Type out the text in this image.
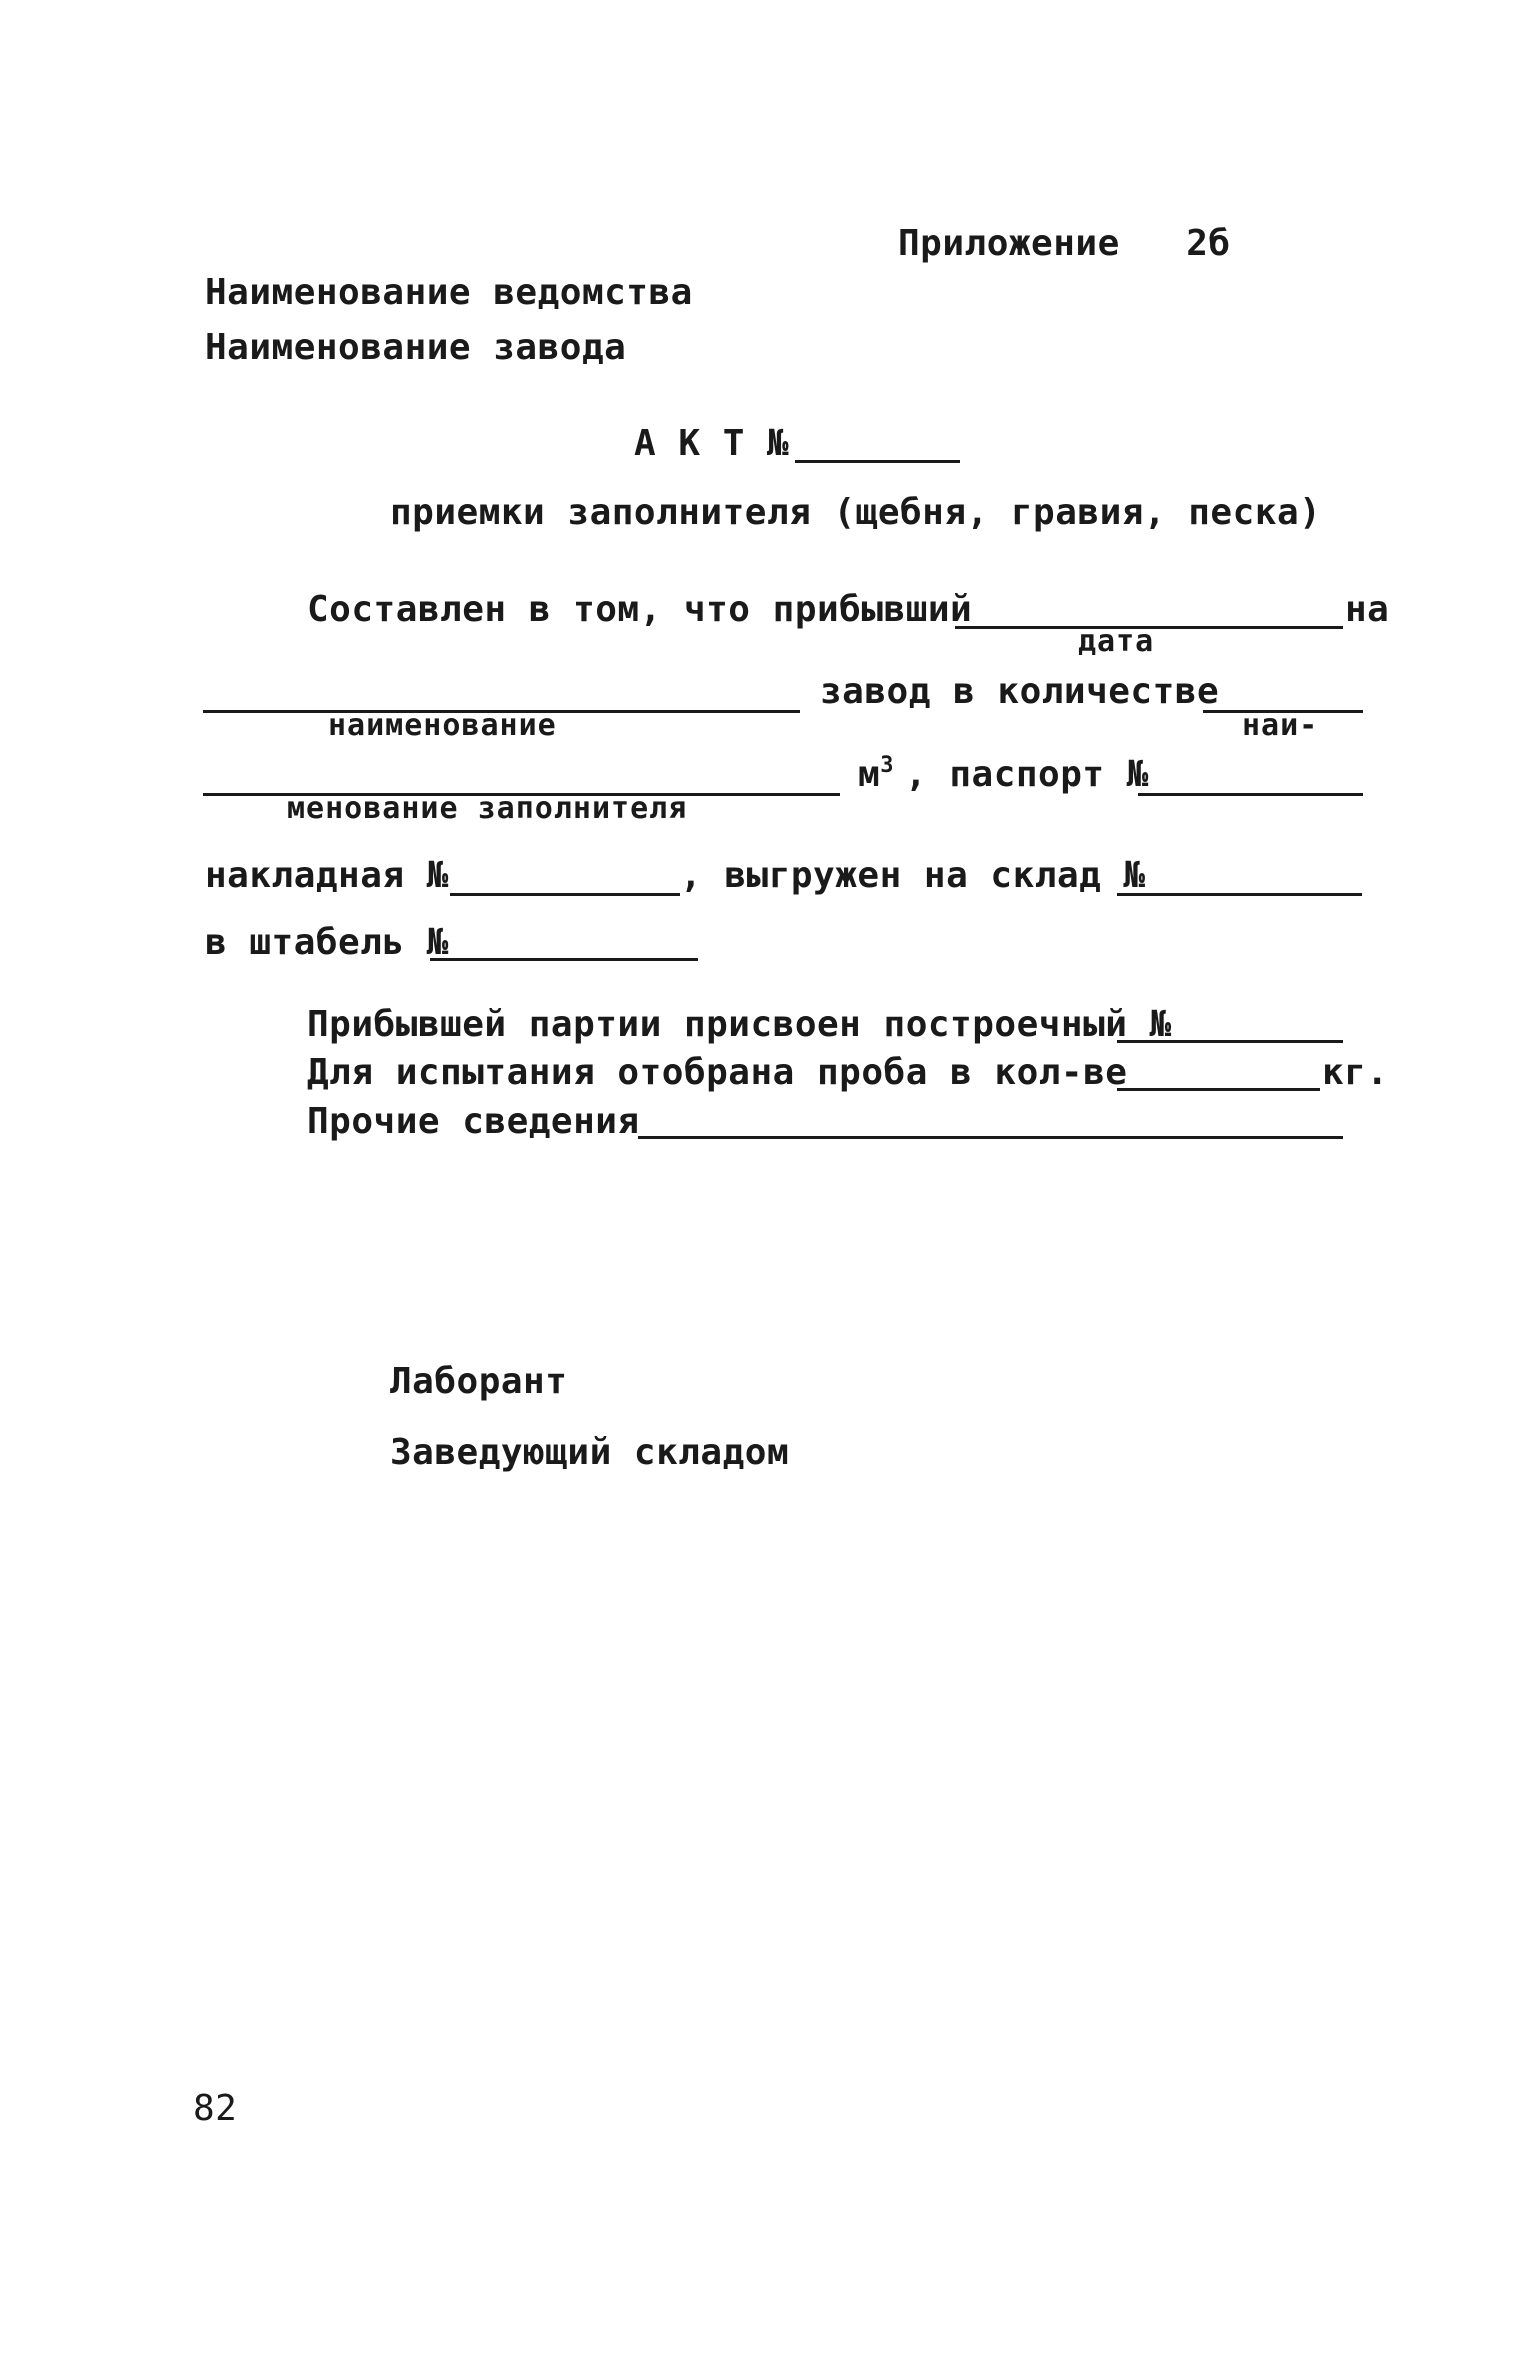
Приложение   2б
Наименование ведомства
Наименование завода
А К Т №
приемки заполнителя (щебня, гравия, песка)
Составлен в том, что прибывший	на
дата
завод в количестве
наименование	наи-
$м^3$ , паспорт №
менование заполнителя
накладная №	, выгружен на склад №
в штабель №
Прибывшей партии присвоен построечный №
Для испытания отобрана проба в кол-ве	кг.
Прочие сведения
Лаборант
Заведующий складом
82
